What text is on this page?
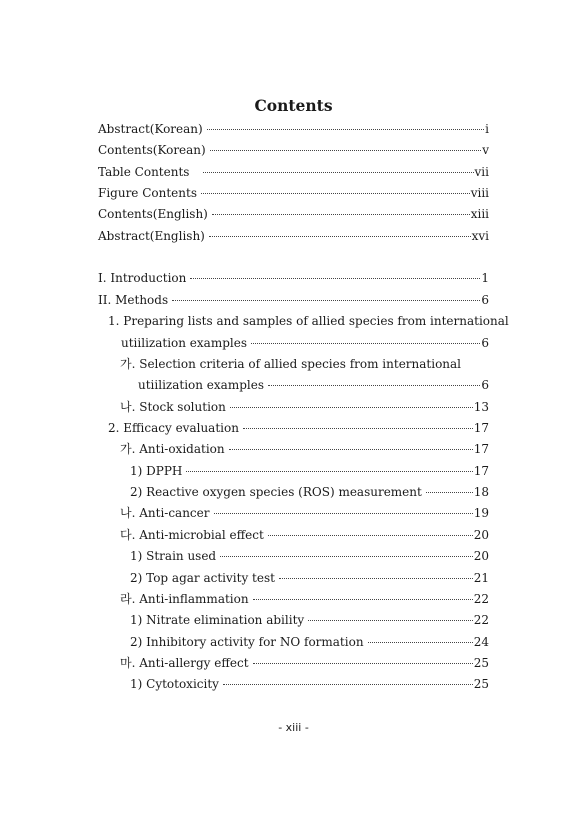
Contents
Abstract(Korean)	i
Contents(Korean)	v
Table Contents	vii
Figure Contents	viii
Contents(English)	xiii
Abstract(English)	xvi
I. Introduction	1
II. Methods	6
1. Preparing lists and samples of allied species from international
utiilization examples	6
가. Selection criteria of allied species from international
utiilization examples	6
나. Stock solution	13
2. Efficacy evaluation	17
가. Anti-oxidation	17
1) DPPH	17
2) Reactive oxygen species (ROS) measurement	18
나. Anti-cancer	19
다. Anti-microbial effect	20
1) Strain used	20
2) Top agar activity test	21
라. Anti-inflammation	22
1) Nitrate elimination ability	22
2) Inhibitory activity for NO formation	24
마. Anti-allergy effect	25
1) Cytotoxicity	25
- xiii -
